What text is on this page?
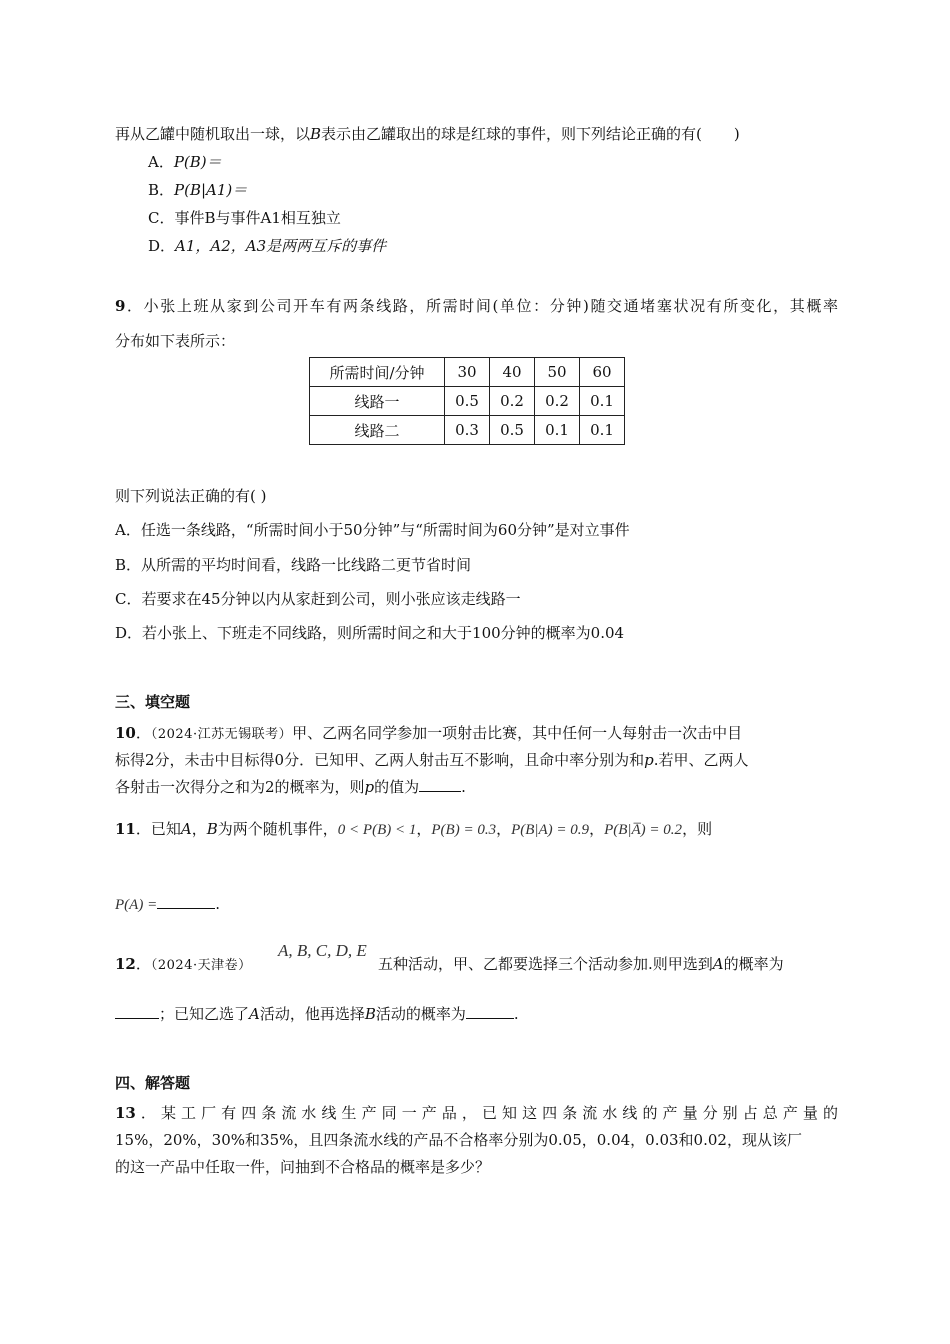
再从乙罐中随机取出一球，以B表示由乙罐取出的球是红球的事件，则下列结论正确的有( )
A．P(B)＝
B．P(B|A1)＝
C．事件B与事件A1相互独立
D．A1，A2，A3是两两互斥的事件
9．小张上班从家到公司开车有两条线路，所需时间(单位：分钟)随交通堵塞状况有所变化，其概率
分布如下表所示：
所需时间/分钟	30	40	50	60
线路一	0.5	0.2	0.2	0.1
线路二	0.3	0.5	0.1	0.1
则下列说法正确的有( )
A．任选一条线路，“所需时间小于50分钟”与“所需时间为60分钟”是对立事件
B．从所需的平均时间看，线路一比线路二更节省时间
C．若要求在45分钟以内从家赶到公司，则小张应该走线路一
D．若小张上、下班走不同线路，则所需时间之和大于100分钟的概率为0.04
三、填空题
10．（2024·江苏无锡联考）甲、乙两名同学参加一项射击比赛，其中任何一人每射击一次击中目
标得2分，未击中目标得0分．已知甲、乙两人射击互不影响，且命中率分别为和p.若甲、乙两人
各射击一次得分之和为2的概率为，则p的值为	.
11．已知A，B为两个随机事件，0 < P(B) < 1，P(B) = 0.3，P(B|A) = 0.9，P(B|A̅) = 0.2，则
P(A) =	.
12．（2024·天津卷）
A, B, C, D, E
五种活动，甲、乙都要选择三个活动参加.则甲选到A的概率为
；已知乙选了A活动，他再选择B活动的概率为	.
四、解答题
13．某工厂有四条流水线生产同一产品，已知这四条流水线的产量分别占总产量的
15%，20%，30%和35%，且四条流水线的产品不合格率分别为0.05，0.04，0.03和0.02，现从该厂
的这一产品中任取一件，问抽到不合格品的概率是多少？
